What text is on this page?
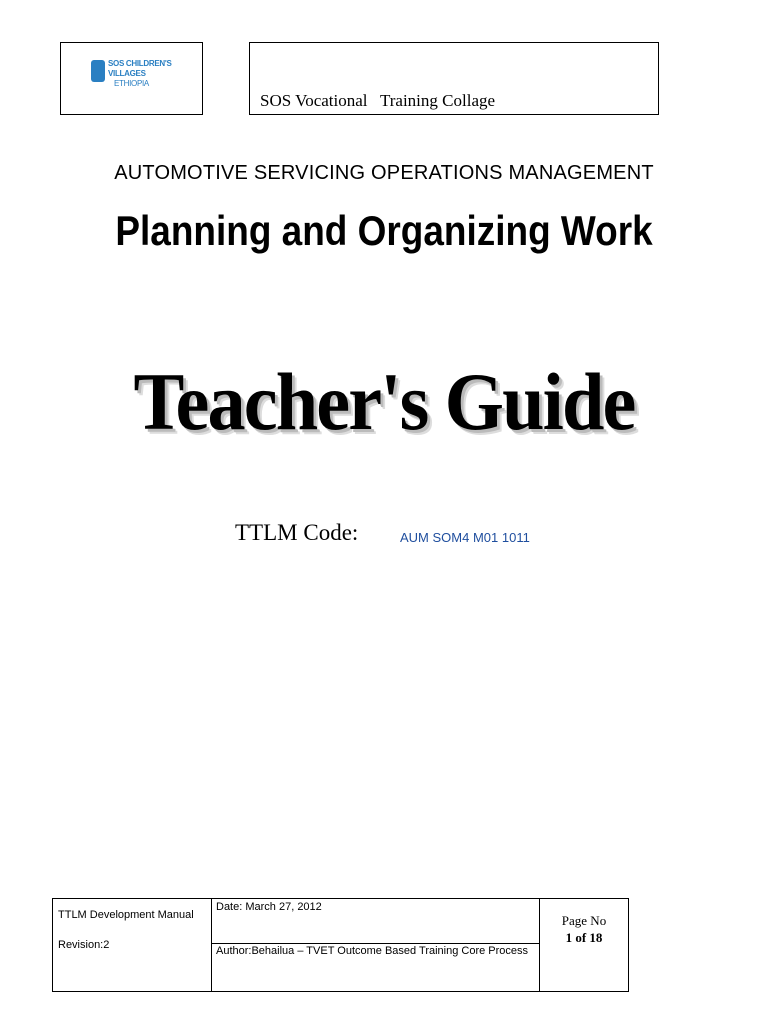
SOS CHILDREN'S
VILLAGES
ETHIOPIA
SOS Vocational   Training Collage
AUTOMOTIVE SERVICING OPERATIONS MANAGEMENT
Planning and Organizing Work
Teacher's Guide
TTLM Code:	AUM SOM4 M01 1011
TTLM Development Manual
Revision:2

Date: March 27, 2012
Author:Behailua – TVET Outcome Based Training Core Process

Page No
1 of 18
